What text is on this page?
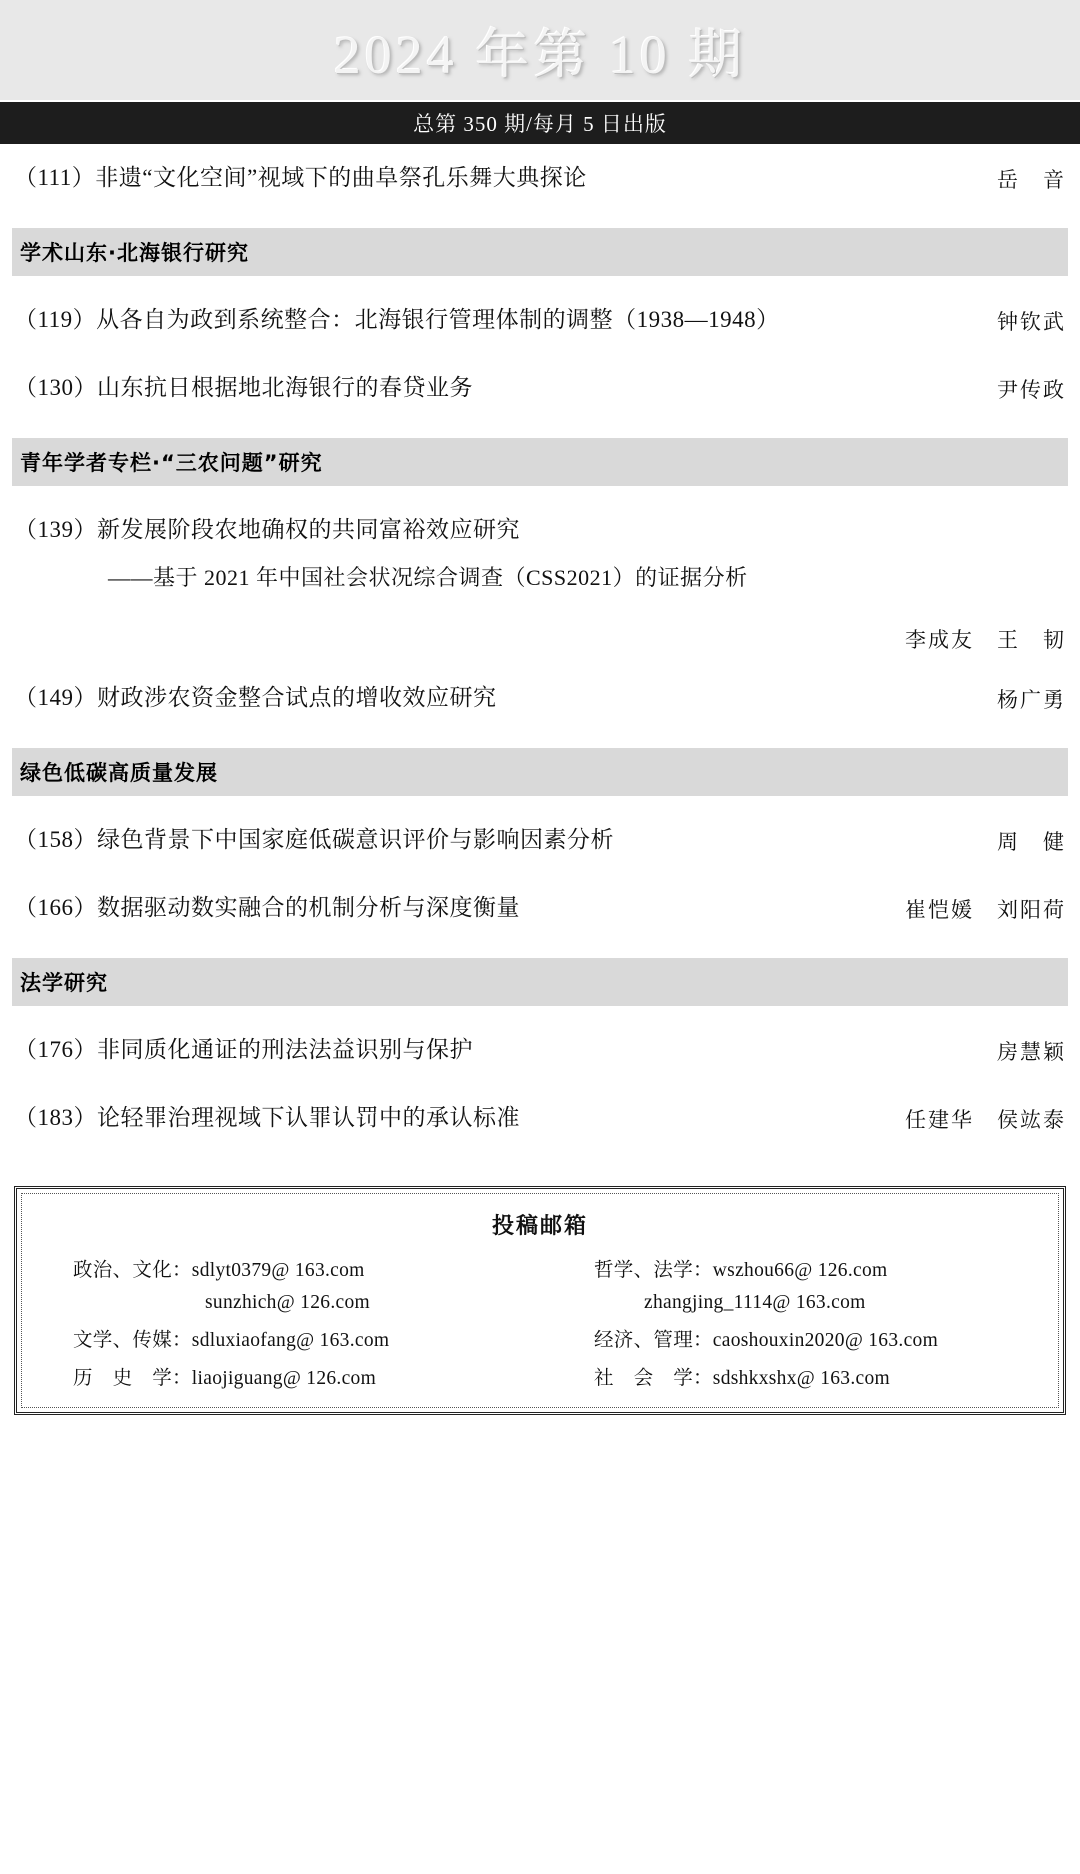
2024 年第 10 期
总第 350 期/每月 5 日出版
（111）非遗“文化空间”视域下的曲阜祭孔乐舞大典探论	岳　音
学术山东·北海银行研究
（119）从各自为政到系统整合：北海银行管理体制的调整（1938—1948）	钟钦武
（130）山东抗日根据地北海银行的春贷业务	尹传政
青年学者专栏·“三农问题”研究
（139）新发展阶段农地确权的共同富裕效应研究
——基于 2021 年中国社会状况综合调查（CSS2021）的证据分析
李成友　王　韧
（149）财政涉农资金整合试点的增收效应研究	杨广勇
绿色低碳高质量发展
（158）绿色背景下中国家庭低碳意识评价与影响因素分析	周　健
（166）数据驱动数实融合的机制分析与深度衡量	崔恺媛　刘阳荷
法学研究
（176）非同质化通证的刑法法益识别与保护	房慧颖
（183）论轻罪治理视域下认罪认罚中的承认标准	任建华　侯竑泰
投稿邮箱
政治、文化：sdlyt0379@ 163.com	哲学、法学：wszhou66@ 126.com
sunzhich@ 126.com	zhangjing_1114@ 163.com
文学、传媒：sdluxiaofang@ 163.com	经济、管理：caoshouxin2020@ 163.com
历　史　学：liaojiguang@ 126.com	社　会　学：sdshkxshx@ 163.com
